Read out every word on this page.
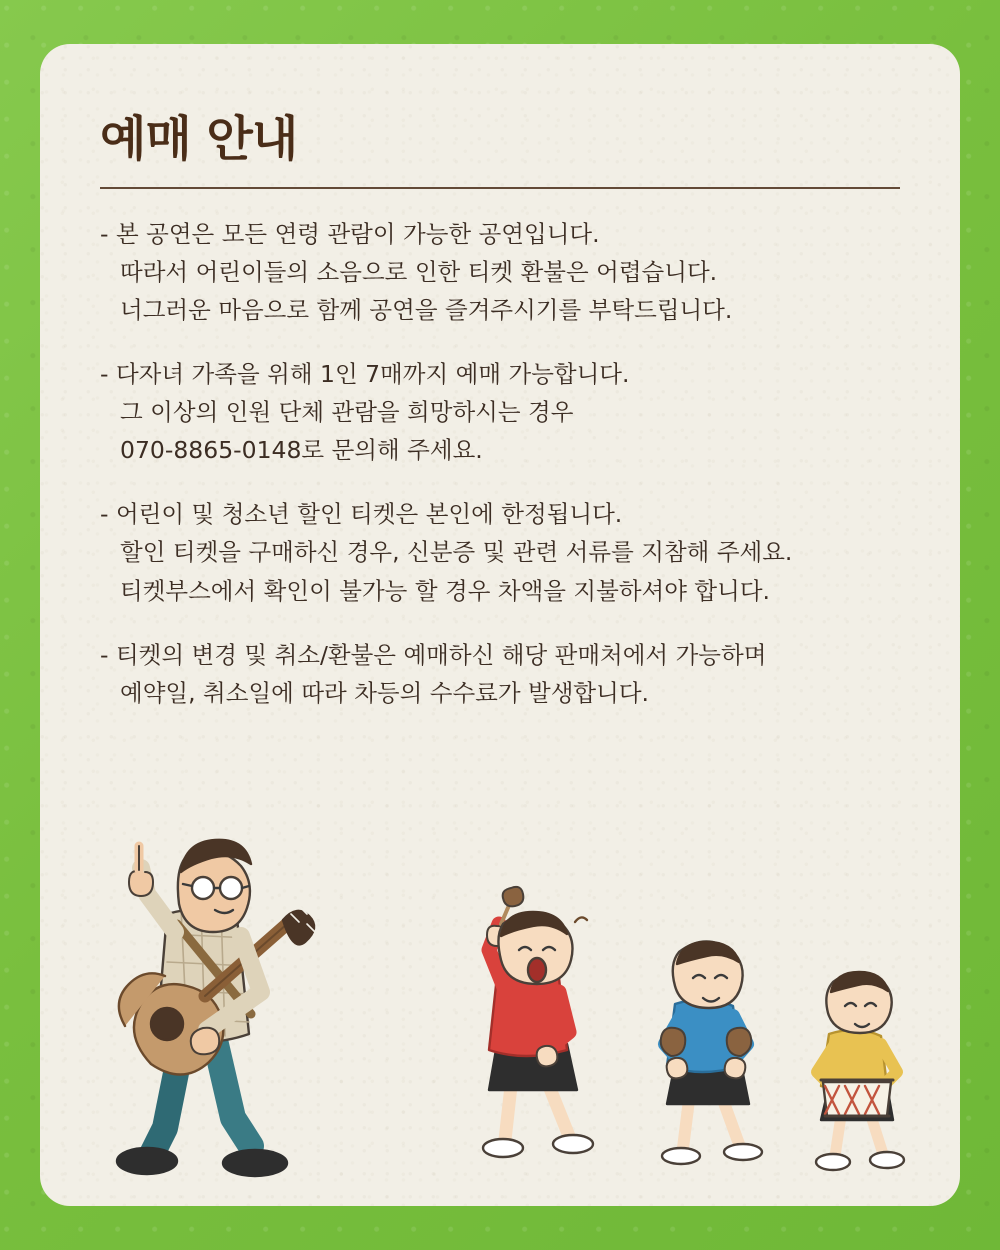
예매 안내
- 본 공연은 모든 연령 관람이 가능한 공연입니다.
따라서 어린이들의 소음으로 인한 티켓 환불은 어렵습니다.
너그러운 마음으로 함께 공연을 즐겨주시기를 부탁드립니다.
- 다자녀 가족을 위해 1인 7매까지 예매 가능합니다.
그 이상의 인원 단체 관람을 희망하시는 경우
070-8865-0148로 문의해 주세요.
- 어린이 및 청소년 할인 티켓은 본인에 한정됩니다.
할인 티켓을 구매하신 경우, 신분증 및 관련 서류를 지참해 주세요.
티켓부스에서 확인이 불가능 할 경우 차액을 지불하셔야 합니다.
- 티켓의 변경 및 취소/환불은 예매하신 해당 판매처에서 가능하며
예약일, 취소일에 따라 차등의 수수료가 발생합니다.
